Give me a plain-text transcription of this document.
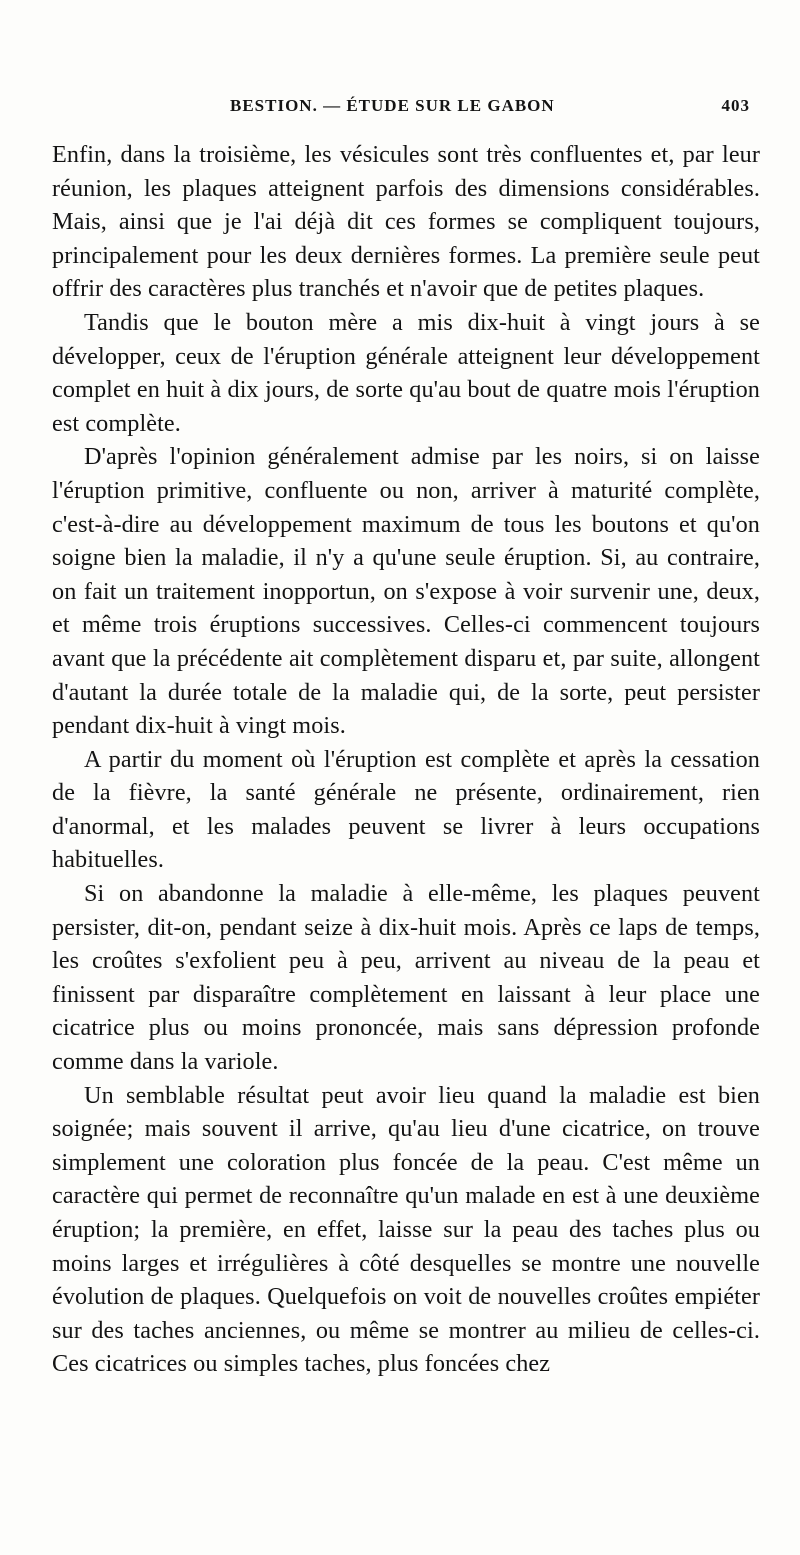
BESTION. — ÉTUDE SUR LE GABON	403

Enfin, dans la troisième, les vésicules sont très confluentes et, par leur réunion, les plaques atteignent parfois des dimensions considérables. Mais, ainsi que je l'ai déjà dit ces formes se compliquent toujours, principalement pour les deux dernières formes. La première seule peut offrir des caractères plus tranchés et n'avoir que de petites plaques.

Tandis que le bouton mère a mis dix-huit à vingt jours à se développer, ceux de l'éruption générale atteignent leur développement complet en huit à dix jours, de sorte qu'au bout de quatre mois l'éruption est complète.

D'après l'opinion généralement admise par les noirs, si on laisse l'éruption primitive, confluente ou non, arriver à maturité complète, c'est-à-dire au développement maximum de tous les boutons et qu'on soigne bien la maladie, il n'y a qu'une seule éruption. Si, au contraire, on fait un traitement inopportun, on s'expose à voir survenir une, deux, et même trois éruptions successives. Celles-ci commencent toujours avant que la précédente ait complètement disparu et, par suite, allongent d'autant la durée totale de la maladie qui, de la sorte, peut persister pendant dix-huit à vingt mois.

A partir du moment où l'éruption est complète et après la cessation de la fièvre, la santé générale ne présente, ordinairement, rien d'anormal, et les malades peuvent se livrer à leurs occupations habituelles.

Si on abandonne la maladie à elle-même, les plaques peuvent persister, dit-on, pendant seize à dix-huit mois. Après ce laps de temps, les croûtes s'exfolient peu à peu, arrivent au niveau de la peau et finissent par disparaître complètement en laissant à leur place une cicatrice plus ou moins prononcée, mais sans dépression profonde comme dans la variole.

Un semblable résultat peut avoir lieu quand la maladie est bien soignée; mais souvent il arrive, qu'au lieu d'une cicatrice, on trouve simplement une coloration plus foncée de la peau. C'est même un caractère qui permet de reconnaître qu'un malade en est à une deuxième éruption; la première, en effet, laisse sur la peau des taches plus ou moins larges et irrégulières à côté desquelles se montre une nouvelle évolution de plaques. Quelquefois on voit de nouvelles croûtes empiéter sur des taches anciennes, ou même se montrer au milieu de celles-ci. Ces cicatrices ou simples taches, plus foncées chez
